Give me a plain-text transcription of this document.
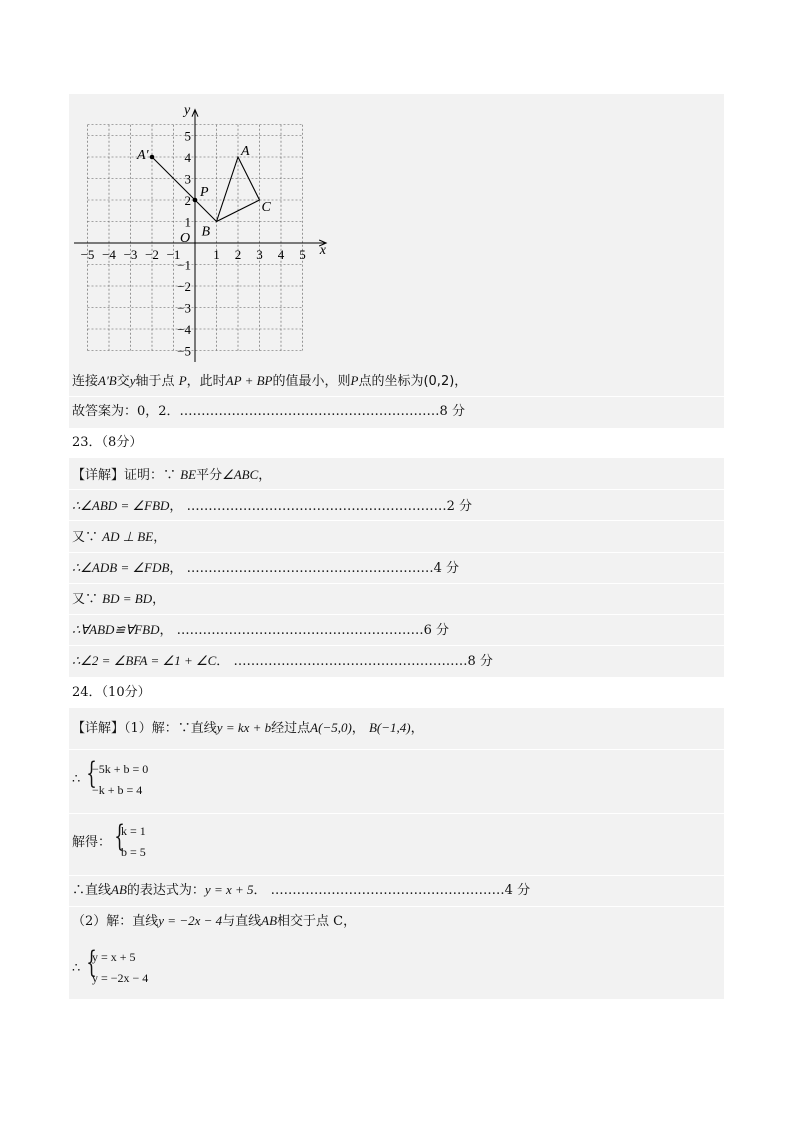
x
y
O
−5 −4 −3 −2 −1	1 2 3 4 5
5
4
3
2
1
−1
−2
−3
−4
−5
A′	A
B
C
P
连接A′B交y轴于点 P，此时AP + BP的值最小，则P点的坐标为(0,2)，
故答案为：0，2．……………………………………………………8 分
23．（8分）
【详解】证明：∵ BE平分∠ABC，
∴∠ABD = ∠FBD， ……………………………………………………2 分
又∵ AD ⊥ BE，
∴∠ADB = ∠FDB， …………………………………………………4 分
又∵ BD = BD，
∴∀ABD≌∀FBD， …………………………………………………6 分
∴∠2 = ∠BFA = ∠1 + ∠C． ………………………………………………8 分
24．（10分）
【详解】（1）解：∵直线y = kx + b经过点A(−5,0)， B(−1,4)，
∴ {
−5k + b = 0
−k + b = 4
解得： {
k = 1
b = 5
∴直线AB的表达式为：y = x + 5． ………………………………………………4 分
（2）解：直线y = −2x − 4与直线AB相交于点 C，
∴ {
y = x + 5
y = −2x − 4
